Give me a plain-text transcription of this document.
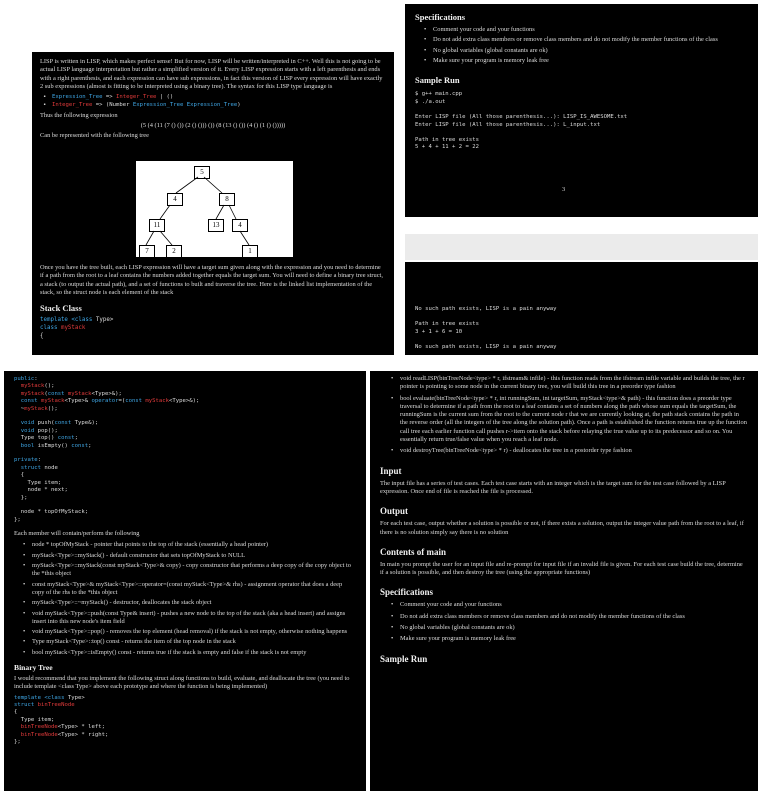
LISP is written in LISP, which makes perfect sense! But for now, LISP will be written/interpreted in C++. Well this is not going to be actual LISP language interpretation but rather a simplified version of it. Every LISP expression starts with a left parenthesis and ends with a right parenthesis, and each expression can have sub expressions, in fact this version of LISP every expression will have exactly 2 sub expressions (almost is fitting to be interpreted using a binary tree). The syntax for this LISP type language is

• Expression_Tree => Integer_Tree | ()
• Integer_Tree => (Number Expression_Tree Expression_Tree)

Thus the following expression

(5 (4 (11 (7 () ()) (2 () ())) ()) (8 (13 () ()) (4 () (1 () ()))))

Can be represented with the following tree

5
4	8
11	13	4
7	2	1

Once you have the tree built, each LISP expression will have a target sum given along with the expression and you need to determine if a path from the root to a leaf contains the numbers added together equals the target sum. You will need to define a binary tree struct, a stack (to output the actual path), and a set of functions to built and traverse the tree. Here is the linked list implementation of the stack, so the struct node is each element of the stack

Stack Class

template <class Type>
class myStack
{

Specifications

• Comment your code and your functions
• Do not add extra class members or remove class members and do not modify the member functions of the class
• No global variables (global constants are ok)
• Make sure your program is memory leak free

Sample Run

$ g++ main.cpp
$ ./a.out

Enter LISP file (All those parenthesis...): LISP_IS_AWESOME.txt
Enter LISP file (All those parenthesis...): L_input.txt

Path in tree exists
5 + 4 + 11 + 2 = 22
3
No such path exists, LISP is a pain anyway

Path in tree exists
3 + 1 + 6 = 10

No such path exists, LISP is a pain anyway
public:
myStack();
myStack(const myStack<Type>&);
const myStack<Type>& operator=(const myStack<Type>&);
~myStack();

void push(const Type&);
void pop();
Type top() const;
bool isEmpty() const;

private:
struct node
{
Type item;
node * next;
};

node * topOfMyStack;
};

Each member will contain/perform the following

• node * topOfMyStack - pointer that points to the top of the stack (essentially a head pointer)
• myStack<Type>::myStack() - default constructor that sets topOfMyStack to NULL
• myStack<Type>::myStack(const myStack<Type>& copy) - copy constructor that performs a deep copy of the copy object to the *this object
• const myStack<Type>& myStack<Type>::operator=(const myStack<Type>& rhs) - assignment operator that does a deep copy of the rhs to the *this object
• myStack<Type>::~myStack() - destructor, deallocates the stack object
• void myStack<Type>::push(const Type& insert) - pushes a new node to the top of the stack (aka a head insert) and assigns insert into this new node's item field
• void myStack<Type>::pop() - removes the top element (head removal) if the stack is not empty, otherwise nothing happens
• Type myStack<Type>::top() const - returns the item of the top node in the stack
• bool myStack<Type>::isEmpty() const - returns true if the stack is empty and false if the stack is not empty

Binary Tree

I would recommend that you implement the following struct along functions to build, evaluate, and deallocate the tree (you need to include template <class Type> above each prototype and where the function is being implemented)

template <class Type>
struct binTreeNode
{
Type item;
binTreeNode<Type> * left;
binTreeNode<Type> * right;
};
• void readLISP(binTreeNode<type> * r, ifstream& infile) - this function reads from the ifstream infile variable and builds the tree, the r pointer is pointing to some node in the current binary tree, you will build this tree in a preorder type fashion
• bool evaluate(binTreeNode<type> * r, int runningSum, int targetSum, myStack<type>& path) - this function does a preorder type traversal to determine if a path from the root to a leaf contains a set of numbers along the path whose sum equals the targetSum, the runningSum is the current sum from the root to the current node r that we are currently looking at, the path stack contains the path in the reverse order (all the integers of the tree along the solution path). Once a path is established the function returns true up the function call tree each earlier function call pushes r->item onto the stack before relaying the true value up to its predecessor and so on. You essentially return true/false value when you reach a leaf node.
• void destroyTree(binTreeNode<type> * r) - deallocates the tree in a postorder type fashion

Input

The input file has a series of test cases. Each test case starts with an integer which is the target sum for the test case followed by a LISP expression. Once end of file is reached the file is processed.

Output

For each test case, output whether a solution is possible or not, if there exists a solution, output the integer value path from the root to a leaf, if there is no solution simply say there is no solution

Contents of main

In main you prompt the user for an input file and re-prompt for input file if an invalid file is given. For each test case build the tree, determine if a solution is possible, and then destroy the tree (using the appropriate functions)

Specifications

• Comment your code and your functions
• Do not add extra class members or remove class members and do not modify the member functions of the class
• No global variables (global constants are ok)
• Make sure your program is memory leak free

Sample Run
